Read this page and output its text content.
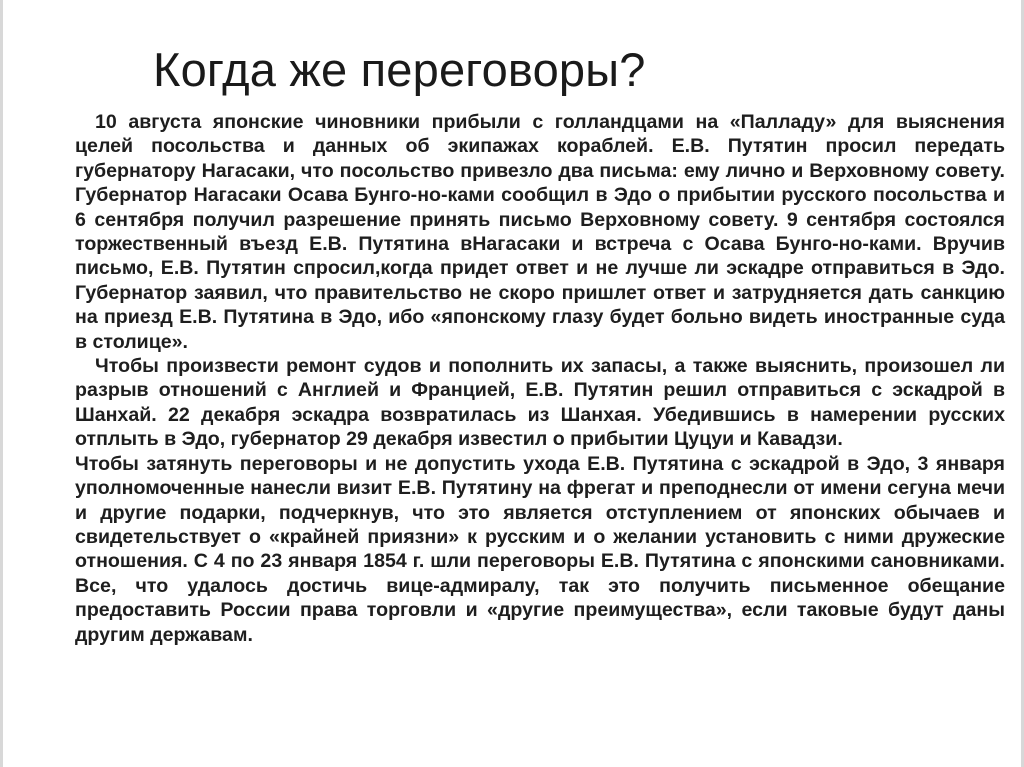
Когда же переговоры?

10 августа японские чиновники прибыли с голландцами на «Палладу» для выяснения целей посольства и данных об экипажах кораблей. Е.В. Путятин просил передать губернатору Нагасаки, что посольство привезло два письма: ему лично и Верховному совету. Губернатор Нагасаки Осава Бунго-но-ками сообщил в Эдо о прибытии русского посольства и 6 сентября получил разрешение принять письмо Верховному совету. 9 сентября состоялся торжественный въезд Е.В. Путятина вНагасаки и встреча с Осава Бунго-но-ками. Вручив письмо, Е.В. Путятин спросил,когда придет ответ и не лучше ли эскадре отправиться в Эдо. Губернатор заявил, что правительство не скоро пришлет ответ и затрудняется дать санкцию на приезд Е.В. Путятина в Эдо, ибо «японскому глазу будет больно видеть иностранные суда в столице».

Чтобы произвести ремонт судов и пополнить их запасы, а также выяснить, произошел ли разрыв отношений с Англией и Францией, Е.В. Путятин решил отправиться с эскадрой в Шанхай. 22 декабря эскадра возвратилась из Шанхая. Убедившись в намерении русских отплыть в Эдо, губернатор 29 декабря известил о прибытии Цуцуи и Кавадзи.

Чтобы затянуть переговоры и не допустить ухода Е.В. Путятина с эскадрой в Эдо, 3 января уполномоченные нанесли визит Е.В. Путятину на фрегат и преподнесли от имени сегуна мечи и другие подарки, подчеркнув, что это является отступлением от японских обычаев и свидетельствует о «крайней приязни» к русским и о желании установить с ними дружеские отношения. С 4 по 23 января 1854 г. шли переговоры Е.В. Путятина с японскими сановниками. Все, что удалось достичь вице-адмиралу, так это получить письменное обещание предоставить России права торговли и «другие преимущества», если таковые будут даны другим державам.
